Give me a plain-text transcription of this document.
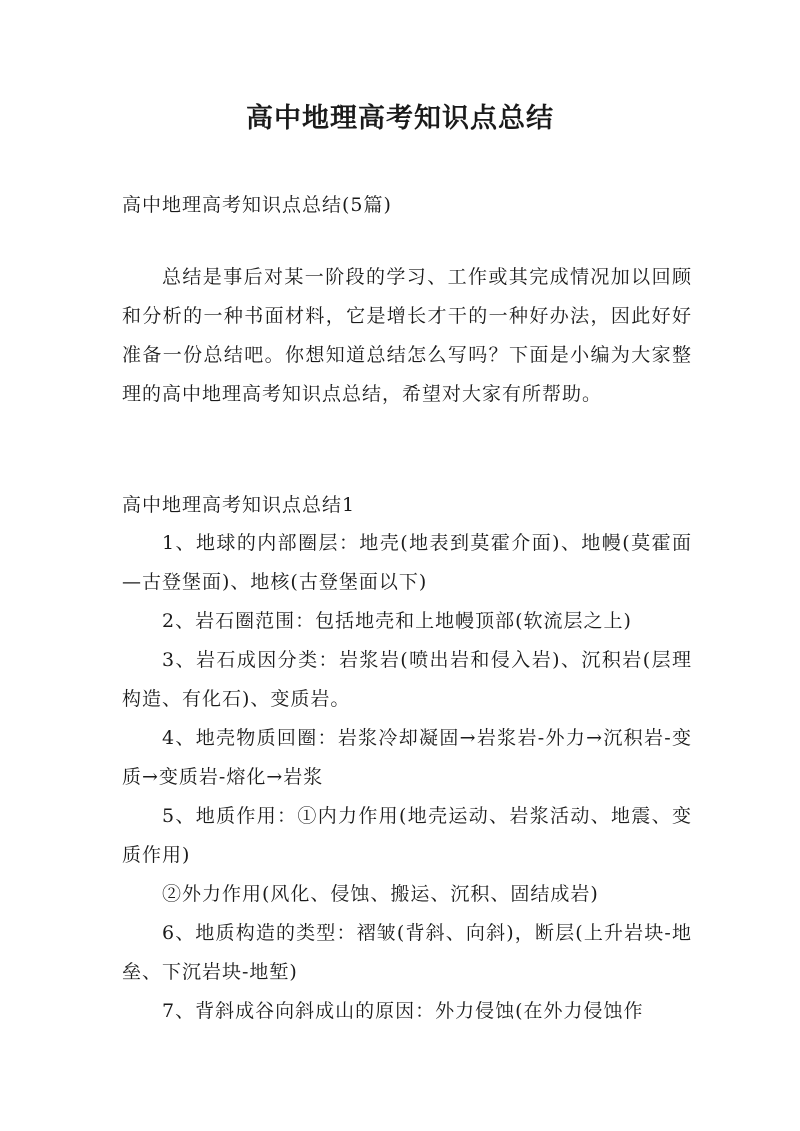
高中地理高考知识点总结
高中地理高考知识点总结(5篇)
总结是事后对某一阶段的学习、工作或其完成情况加以回顾和分析的一种书面材料，它是增长才干的一种好办法，因此好好准备一份总结吧。你想知道总结怎么写吗？下面是小编为大家整理的高中地理高考知识点总结，希望对大家有所帮助。
高中地理高考知识点总结1

1、地球的内部圈层：地壳(地表到莫霍介面)、地幔(莫霍面—古登堡面)、地核(古登堡面以下)

2、岩石圈范围：包括地壳和上地幔顶部(软流层之上)

3、岩石成因分类：岩浆岩(喷出岩和侵入岩)、沉积岩(层理构造、有化石)、变质岩。

4、地壳物质回圈：岩浆冷却凝固→岩浆岩-外力→沉积岩-变质→变质岩-熔化→岩浆

5、地质作用：①内力作用(地壳运动、岩浆活动、地震、变质作用)

②外力作用(风化、侵蚀、搬运、沉积、固结成岩)

6、地质构造的类型：褶皱(背斜、向斜)，断层(上升岩块-地垒、下沉岩块-地堑)

7、背斜成谷向斜成山的原因：外力侵蚀(在外力侵蚀作
